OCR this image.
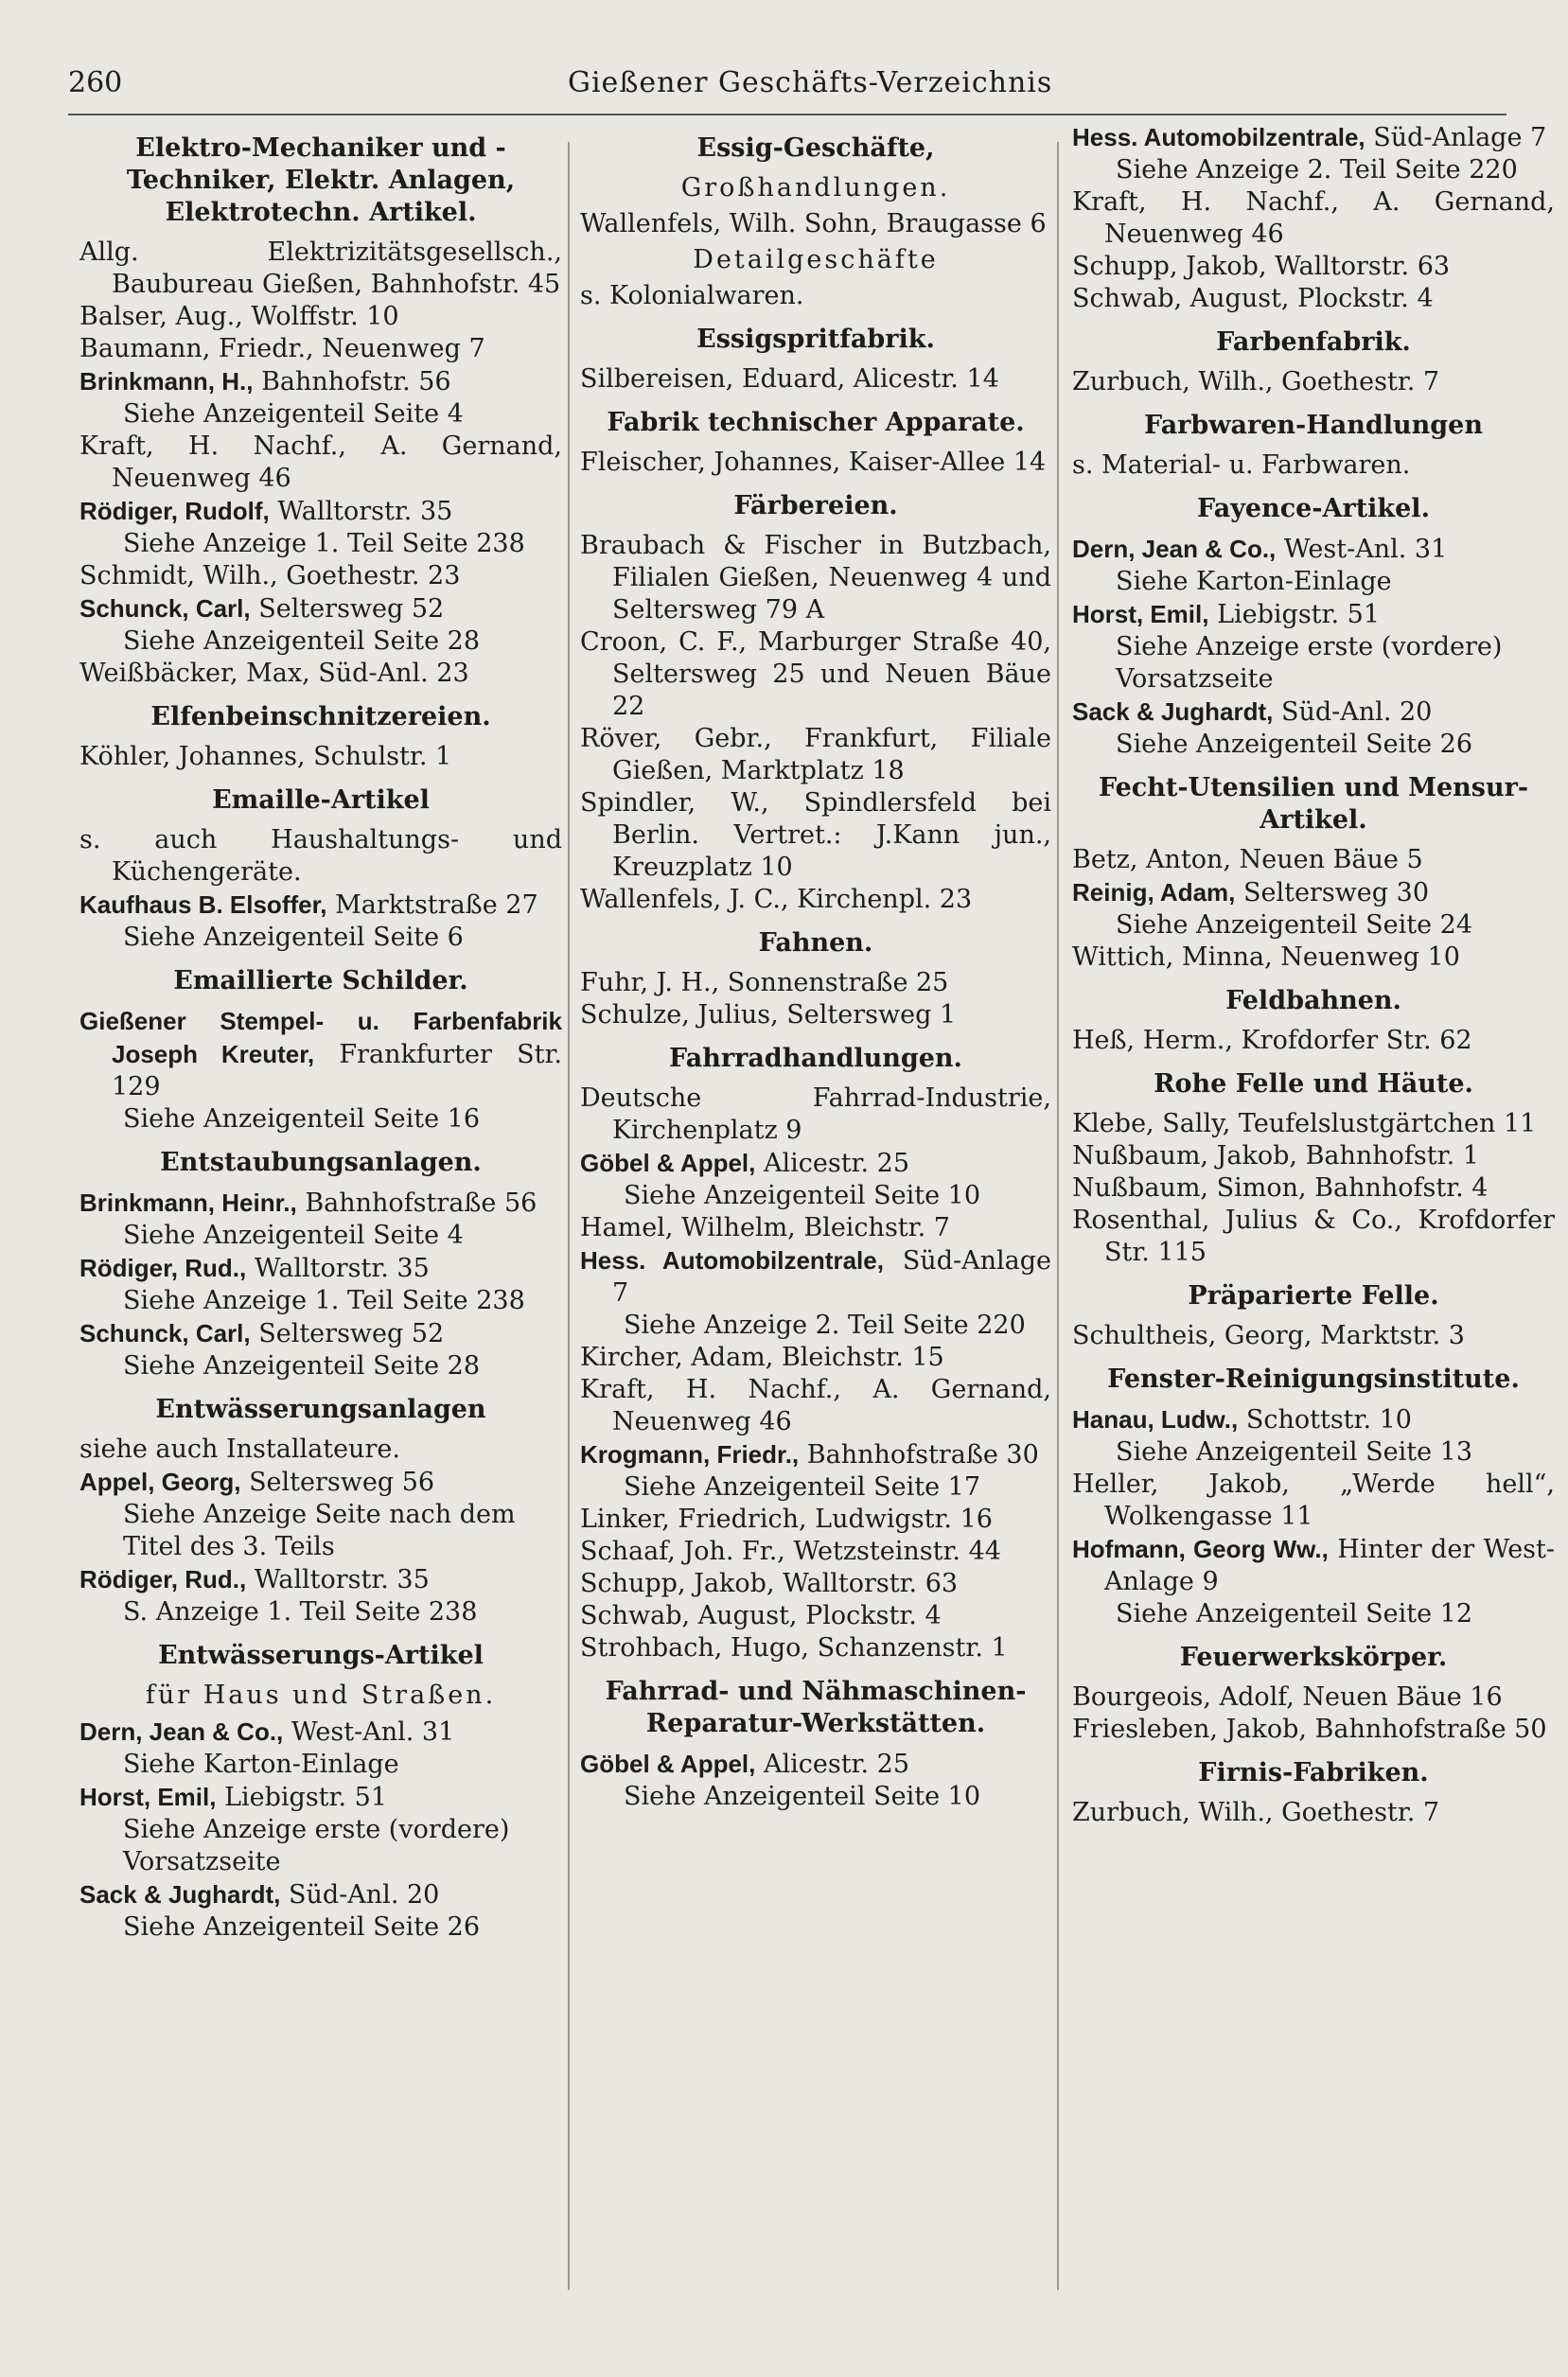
260	Gießener Geschäfts-Verzeichnis
Elektro-Mechaniker und -Techniker, Elektr. Anlagen, Elektrotechn. Artikel.

Allg. Elektrizitätsgesellsch., Baubureau Gießen, Bahnhofstr. 45

Balser, Aug., Wolffstr. 10

Baumann, Friedr., Neuenweg 7

Brinkmann, H., Bahnhofstr. 56

Siehe Anzeigenteil Seite 4

Kraft, H. Nachf., A. Gernand, Neuenweg 46

Rödiger, Rudolf, Walltorstr. 35

Siehe Anzeige 1. Teil Seite 238

Schmidt, Wilh., Goethestr. 23

Schunck, Carl, Seltersweg 52

Siehe Anzeigenteil Seite 28

Weißbäcker, Max, Süd-Anl. 23

Elfenbeinschnitzereien.

Köhler, Johannes, Schulstr. 1

Emaille-Artikel

s. auch Haushaltungs- und Küchengeräte.

Kaufhaus B. Elsoffer, Marktstraße 27

Siehe Anzeigenteil Seite 6

Emaillierte Schilder.

Gießener Stempel- u. Farbenfabrik Joseph Kreuter, Frankfurter Str. 129

Siehe Anzeigenteil Seite 16

Entstaubungsanlagen.

Brinkmann, Heinr., Bahnhofstraße 56

Siehe Anzeigenteil Seite 4

Rödiger, Rud., Walltorstr. 35

Siehe Anzeige 1. Teil Seite 238

Schunck, Carl, Seltersweg 52

Siehe Anzeigenteil Seite 28

Entwässerungsanlagen

siehe auch Installateure.

Appel, Georg, Seltersweg 56

Siehe Anzeige Seite nach dem Titel des 3. Teils

Rödiger, Rud., Walltorstr. 35

S. Anzeige 1. Teil Seite 238

Entwässerungs-Artikel
für Haus und Straßen.

Dern, Jean & Co., West-Anl. 31

Siehe Karton-Einlage

Horst, Emil, Liebigstr. 51

Siehe Anzeige erste (vordere) Vorsatzseite

Sack & Jughardt, Süd-Anl. 20

Siehe Anzeigenteil Seite 26

Essig-Geschäfte,
Großhandlungen.

Wallenfels, Wilh. Sohn, Braugasse 6

Detailgeschäfte

s. Kolonialwaren.

Essigspritfabrik.

Silbereisen, Eduard, Alicestr. 14

Fabrik technischer Apparate.

Fleischer, Johannes, Kaiser-Allee 14

Färbereien.

Braubach & Fischer in Butzbach, Filialen Gießen, Neuenweg 4 und Seltersweg 79 A

Croon, C. F., Marburger Straße 40, Seltersweg 25 und Neuen Bäue 22

Röver, Gebr., Frankfurt, Filiale Gießen, Marktplatz 18

Spindler, W., Spindlersfeld bei Berlin. Vertret.: J.Kann jun., Kreuzplatz 10

Wallenfels, J. C., Kirchenpl. 23

Fahnen.

Fuhr, J. H., Sonnenstraße 25

Schulze, Julius, Seltersweg 1

Fahrradhandlungen.

Deutsche Fahrrad-Industrie, Kirchenplatz 9

Göbel & Appel, Alicestr. 25

Siehe Anzeigenteil Seite 10

Hamel, Wilhelm, Bleichstr. 7

Hess. Automobilzentrale, Süd-Anlage 7

Siehe Anzeige 2. Teil Seite 220

Kircher, Adam, Bleichstr. 15

Kraft, H. Nachf., A. Gernand, Neuenweg 46

Krogmann, Friedr., Bahnhofstraße 30

Siehe Anzeigenteil Seite 17

Linker, Friedrich, Ludwigstr. 16

Schaaf, Joh. Fr., Wetzsteinstr. 44

Schupp, Jakob, Walltorstr. 63

Schwab, August, Plockstr. 4

Strohbach, Hugo, Schanzenstr. 1

Fahrrad- und Nähmaschinen-Reparatur-Werkstätten.

Göbel & Appel, Alicestr. 25

Siehe Anzeigenteil Seite 10

Hess. Automobilzentrale, Süd-Anlage 7

Siehe Anzeige 2. Teil Seite 220

Kraft, H. Nachf., A. Gernand, Neuenweg 46

Schupp, Jakob, Walltorstr. 63

Schwab, August, Plockstr. 4

Farbenfabrik.

Zurbuch, Wilh., Goethestr. 7

Farbwaren-Handlungen

s. Material- u. Farbwaren.

Fayence-Artikel.

Dern, Jean & Co., West-Anl. 31

Siehe Karton-Einlage

Horst, Emil, Liebigstr. 51

Siehe Anzeige erste (vordere) Vorsatzseite

Sack & Jughardt, Süd-Anl. 20

Siehe Anzeigenteil Seite 26

Fecht-Utensilien und Mensur-Artikel.

Betz, Anton, Neuen Bäue 5

Reinig, Adam, Seltersweg 30

Siehe Anzeigenteil Seite 24

Wittich, Minna, Neuenweg 10

Feldbahnen.

Heß, Herm., Krofdorfer Str. 62

Rohe Felle und Häute.

Klebe, Sally, Teufelslustgärtchen 11

Nußbaum, Jakob, Bahnhofstr. 1

Nußbaum, Simon, Bahnhofstr. 4

Rosenthal, Julius & Co., Krofdorfer Str. 115

Präparierte Felle.

Schultheis, Georg, Marktstr. 3

Fenster-Reinigungsinstitute.

Hanau, Ludw., Schottstr. 10

Siehe Anzeigenteil Seite 13

Heller, Jakob, „Werde hell“, Wolkengasse 11

Hofmann, Georg Ww., Hinter der West-Anlage 9

Siehe Anzeigenteil Seite 12

Feuerwerkskörper.

Bourgeois, Adolf, Neuen Bäue 16

Friesleben, Jakob, Bahnhofstraße 50

Firnis-Fabriken.

Zurbuch, Wilh., Goethestr. 7
